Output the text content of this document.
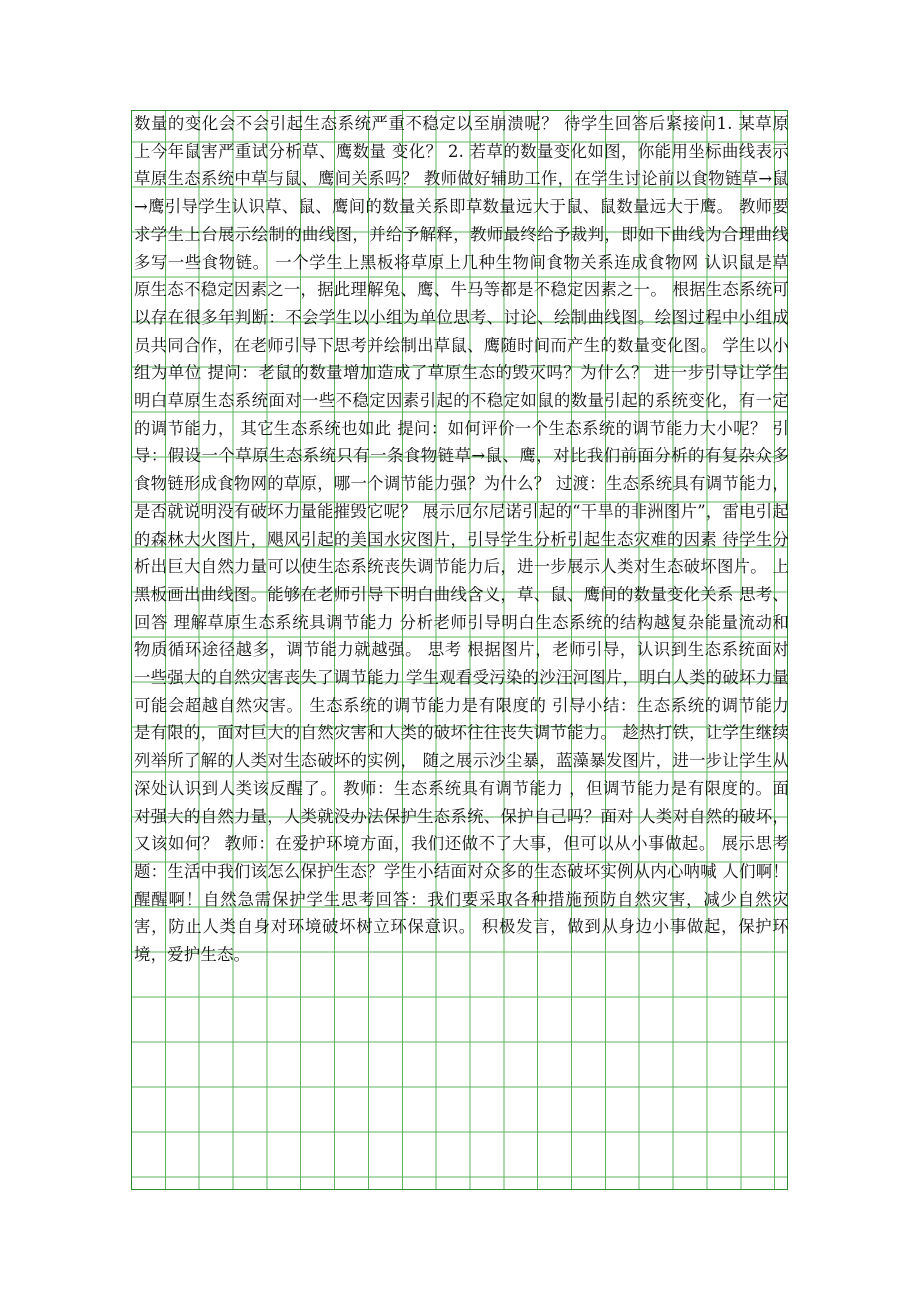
数量的变化会不会引起生态系统严重不稳定以至崩溃呢？ 待学生回答后紧接问1. 某草原上今年鼠害严重试分析草、鹰数量 变化？ 2. 若草的数量变化如图，你能用坐标曲线表示草原生态系统中草与鼠、鹰间关系吗？ 教师做好辅助工作，在学生讨论前以食物链草→鼠→鹰引导学生认识草、鼠、鹰间的数量关系即草数量远大于鼠、鼠数量远大于鹰。 教师要求学生上台展示绘制的曲线图，并给予解释，教师最终给予裁判，即如下曲线为合理曲线 多写一些食物链。 一个学生上黑板将草原上几种生物间食物关系连成食物网 认识鼠是草原生态不稳定因素之一，据此理解兔、鹰、牛马等都是不稳定因素之一。 根据生态系统可以存在很多年判断：不会学生以小组为单位思考、讨论、绘制曲线图。绘图过程中小组成员共同合作，在老师引导下思考并绘制出草鼠、鹰随时间而产生的数量变化图。 学生以小组为单位 提问：老鼠的数量增加造成了草原生态的毁灭吗？为什么？ 进一步引导让学生明白草原生态系统面对一些不稳定因素引起的不稳定如鼠的数量引起的系统变化，有一定的调节能力， 其它生态系统也如此 提问：如何评价一个生态系统的调节能力大小呢？ 引导：假设一个草原生态系统只有一条食物链草→鼠、鹰，对比我们前面分析的有复杂众多食物链形成食物网的草原，哪一个调节能力强？为什么？ 过渡：生态系统具有调节能力，是否就说明没有破坏力量能摧毁它呢？ 展示厄尔尼诺引起的“干旱的非洲图片”，雷电引起的森林大火图片，飓风引起的美国水灾图片，引导学生分析引起生态灾难的因素 待学生分析出巨大自然力量可以使生态系统丧失调节能力后，进一步展示人类对生态破坏图片。 上黑板画出曲线图。能够在老师引导下明白曲线含义，草、鼠、鹰间的数量变化关系 思考、回答 理解草原生态系统具调节能力 分析老师引导明白生态系统的结构越复杂能量流动和物质循环途径越多，调节能力就越强。 思考 根据图片，老师引导，认识到生态系统面对一些强大的自然灾害丧失了调节能力 学生观看受污染的沙汪河图片，明白人类的破坏力量可能会超越自然灾害。 生态系统的调节能力是有限度的 引导小结：生态系统的调节能力是有限的，面对巨大的自然灾害和人类的破坏往往丧失调节能力。 趁热打铁，让学生继续列举所了解的人类对生态破坏的实例， 随之展示沙尘暴，蓝藻暴发图片，进一步让学生从深处认识到人类该反醒了。 教师：生态系统具有调节能力 ，但调节能力是有限度的。面对强大的自然力量，人类就没办法保护生态系统、保护自己吗？面对 人类对自然的破坏，又该如何？ 教师：在爱护环境方面，我们还做不了大事，但可以从小事做起。 展示思考题：生活中我们该怎么保护生态？学生小结面对众多的生态破坏实例从内心呐喊 人们啊！醒醒啊！自然急需保护学生思考回答：我们要采取各种措施预防自然灾害，减少自然灾害，防止人类自身对环境破坏树立环保意识。 积极发言，做到从身边小事做起，保护环境，爱护生态。
